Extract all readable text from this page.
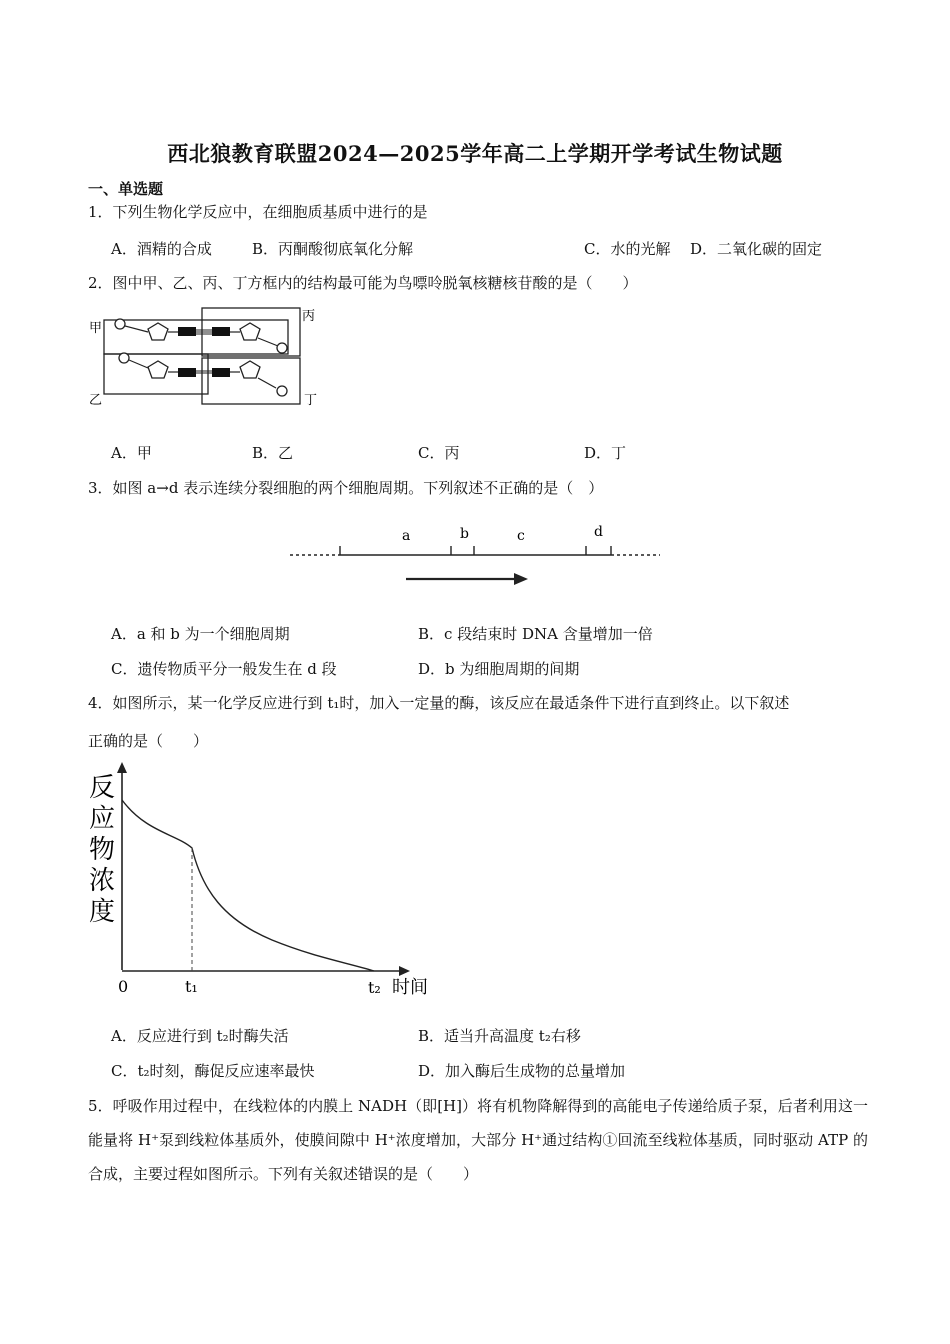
西北狼教育联盟2024—2025学年高二上学期开学考试生物试题
一、单选题
1．下列生物化学反应中，在细胞质基质中进行的是
A．酒精的合成	B．丙酮酸彻底氧化分解	C．水的光解 D．二氧化碳的固定
2．图中甲、乙、丙、丁方框内的结构最可能为鸟嘌呤脱氧核糖核苷酸的是（　　）
甲
丙
乙	丁
A．甲	B．乙	C．丙	D．丁
3．如图 a→d 表示连续分裂细胞的两个细胞周期。下列叙述不正确的是（　）
a	b	c	d
A．a 和 b 为一个细胞周期	B．c 段结束时 DNA 含量增加一倍
C．遗传物质平分一般发生在 d 段	D．b 为细胞周期的间期
4．如图所示，某一化学反应进行到 t₁时，加入一定量的酶，该反应在最适条件下进行直到终止。以下叙述
正确的是（　　）
反
应
物
浓
度
0	t₁	t₂ 时间
A．反应进行到 t₂时酶失活	B．适当升高温度 t₂右移
C．t₂时刻，酶促反应速率最快	D．加入酶后生成物的总量增加
5．呼吸作用过程中，在线粒体的内膜上 NADH（即[H]）将有机物降解得到的高能电子传递给质子泵，后者利用这一能量将 H⁺泵到线粒体基质外，使膜间隙中 H⁺浓度增加，大部分 H⁺通过结构①回流至线粒体基质，同时驱动 ATP 的合成，主要过程如图所示。下列有关叙述错误的是（　　）
